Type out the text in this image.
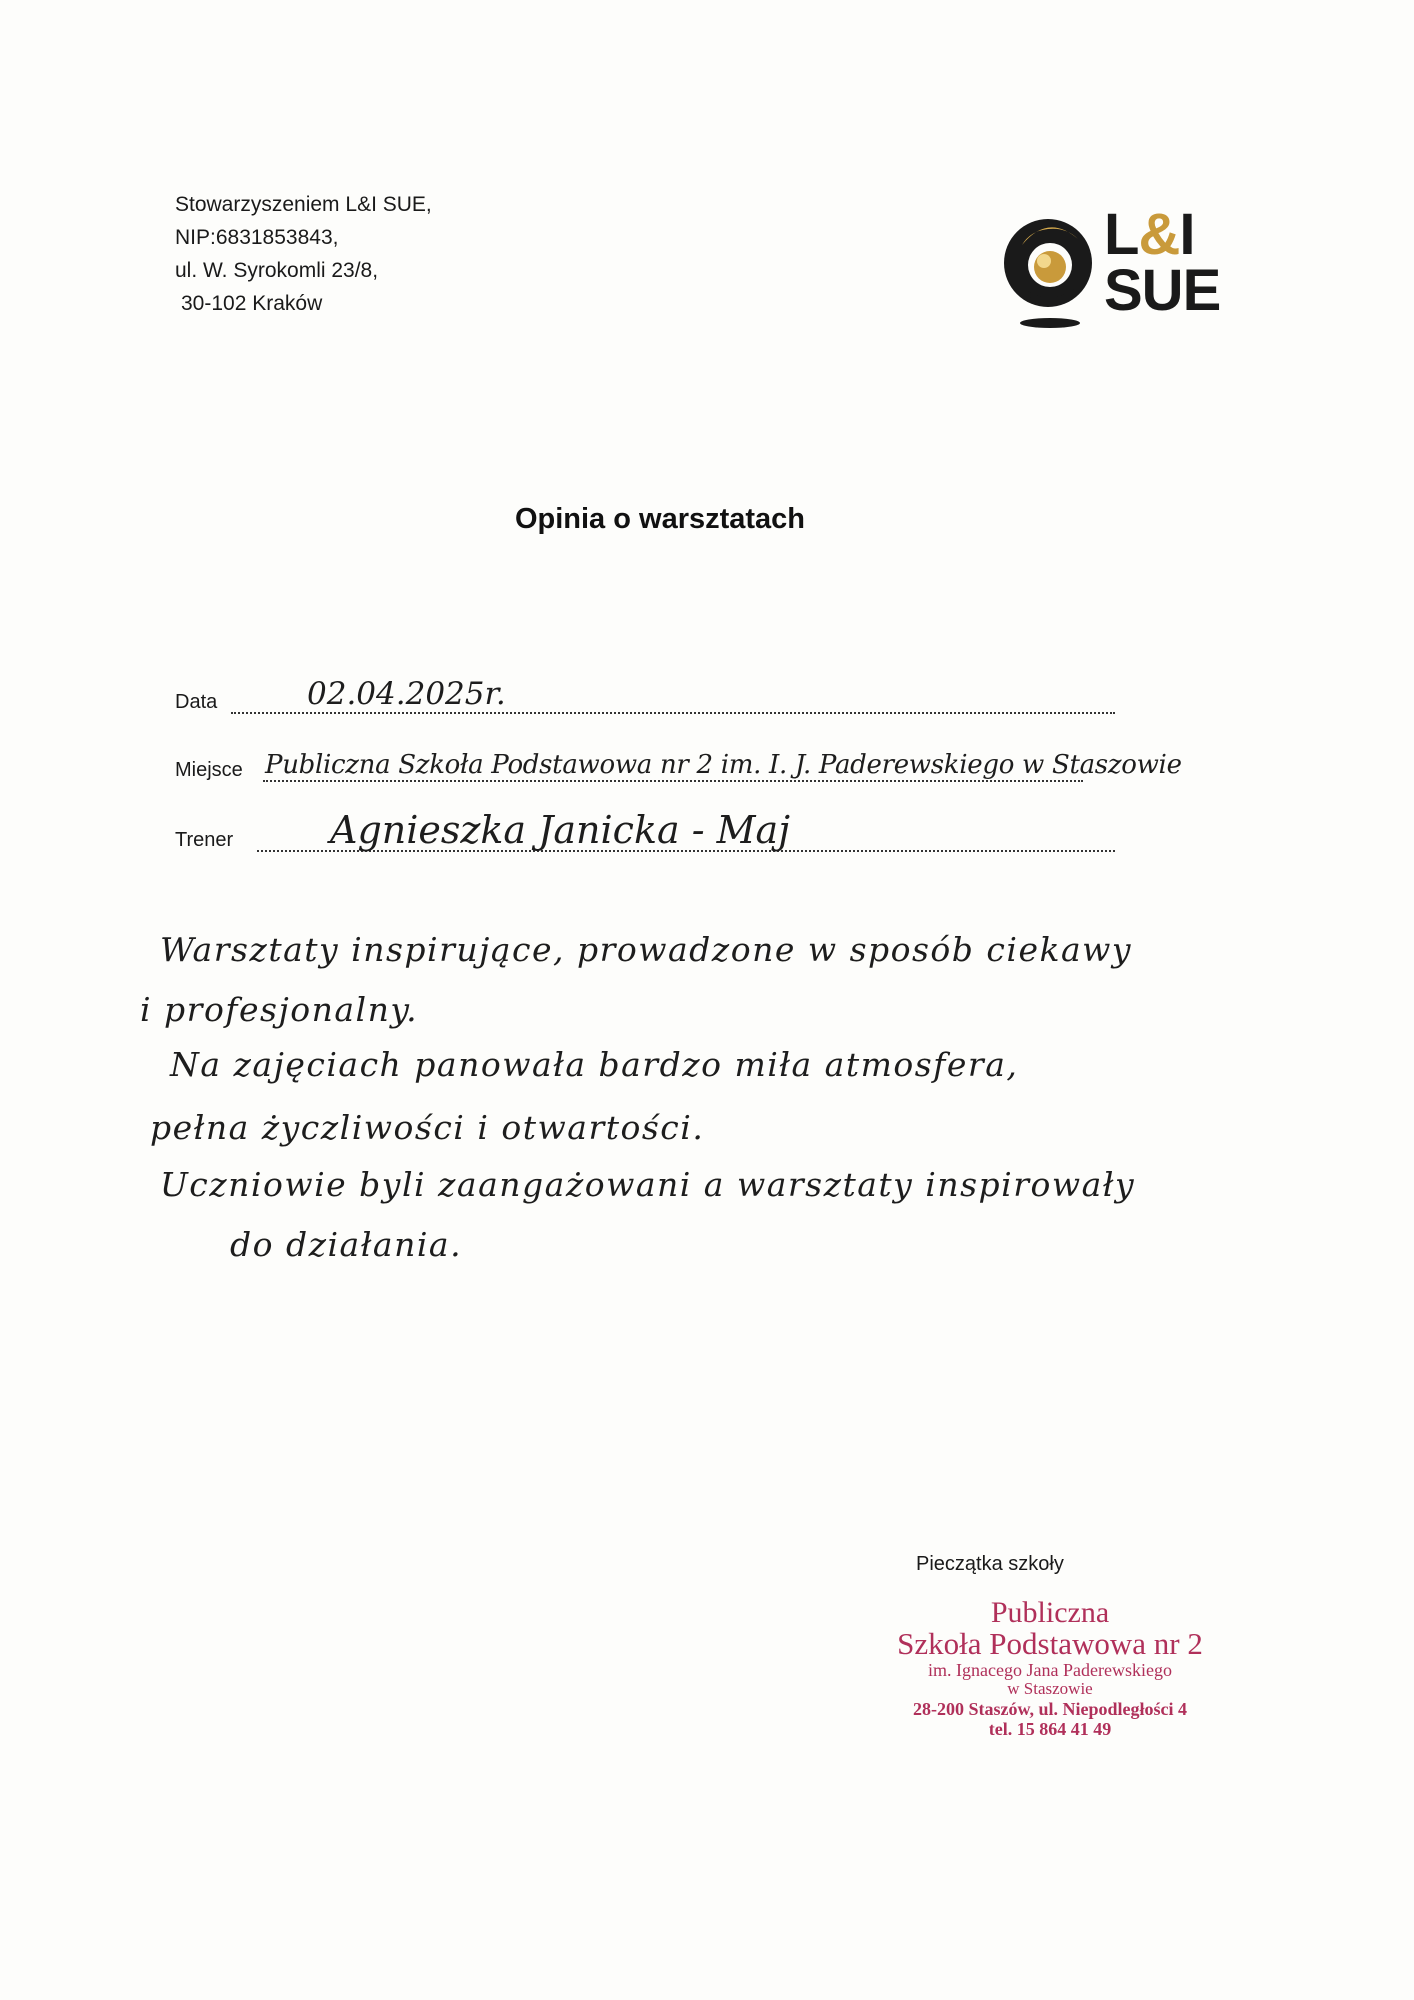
Stowarzyszeniem L&I SUE,
NIP:6831853843,
ul. W. Syrokomli 23/8,
30-102 Kraków
L&I
SUE
Opinia o warsztatach
Data	02.04.2025r.
Miejsce Publiczna Szkoła Podstawowa nr 2 im. I. J. Paderewskiego w Staszowie
Trener	Agnieszka Janicka - Maj
Warsztaty inspirujące, prowadzone w sposób ciekawy
i profesjonalny.
Na zajęciach panowała bardzo miła atmosfera,
pełna życzliwości i otwartości.
Uczniowie byli zaangażowani a warsztaty inspirowały
do działania.
Pieczątka szkoły
Publiczna
Szkoła Podstawowa nr 2
im. Ignacego Jana Paderewskiego
w Staszowie
28-200 Staszów, ul. Niepodległości 4
tel. 15 864 41 49
